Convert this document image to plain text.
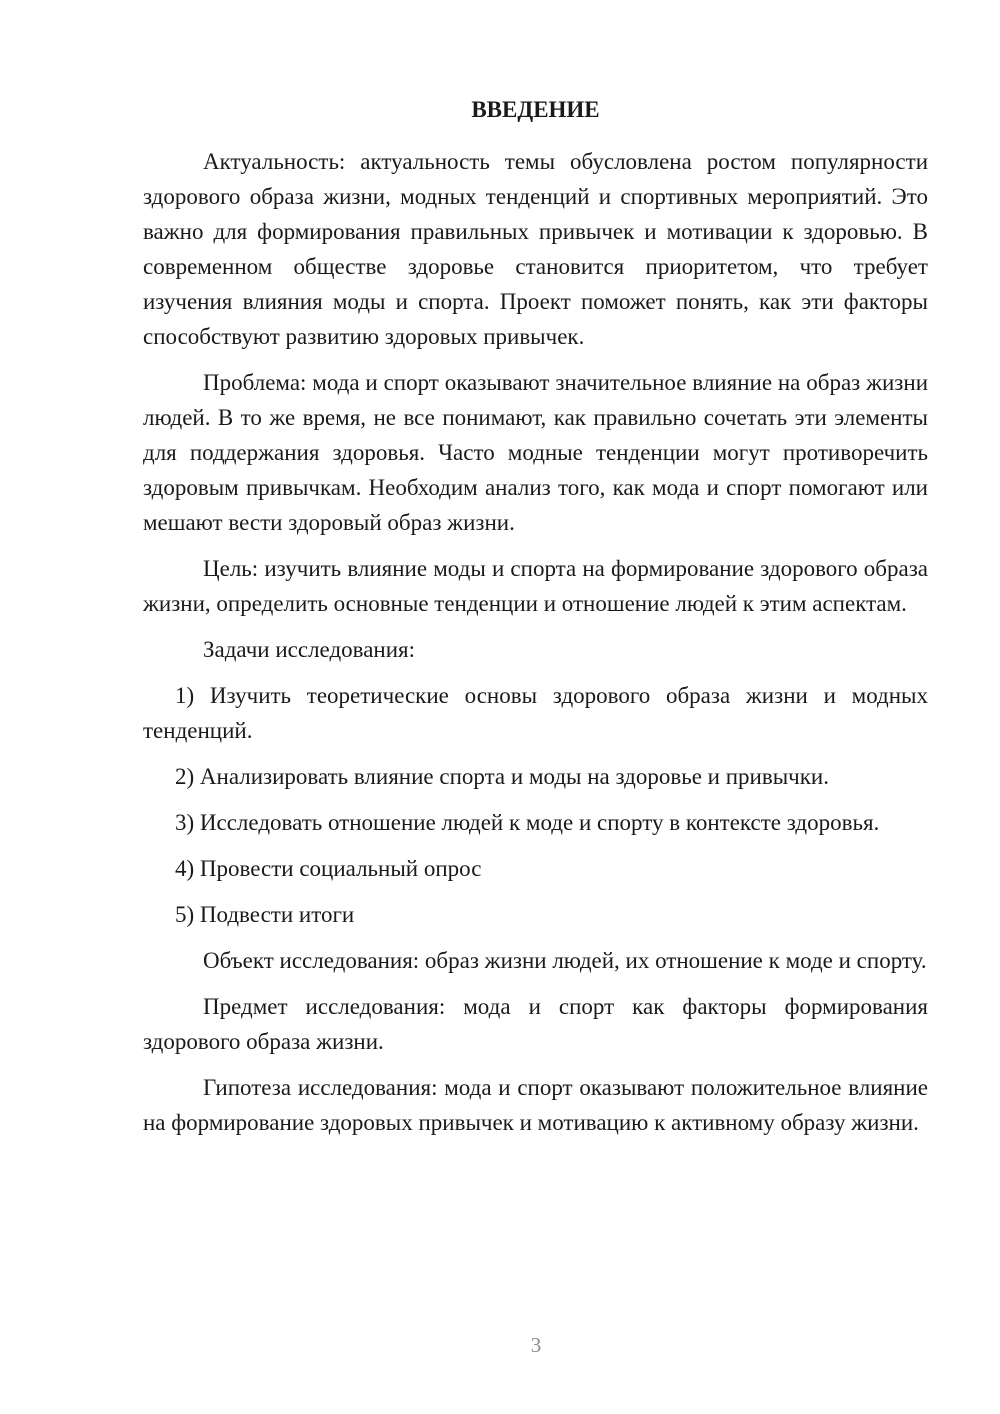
ВВЕДЕНИЕ

Актуальность: актуальность темы обусловлена ростом популярности здорового образа жизни, модных тенденций и спортивных мероприятий. Это важно для формирования правильных привычек и мотивации к здоровью. В современном обществе здоровье становится приоритетом, что требует изучения влияния моды и спорта. Проект поможет понять, как эти факторы способствуют развитию здоровых привычек.

Проблема: мода и спорт оказывают значительное влияние на образ жизни людей. В то же время, не все понимают, как правильно сочетать эти элементы для поддержания здоровья. Часто модные тенденции могут противоречить здоровым привычкам. Необходим анализ того, как мода и спорт помогают или мешают вести здоровый образ жизни.

Цель: изучить влияние моды и спорта на формирование здорового образа жизни, определить основные тенденции и отношение людей к этим аспектам.

Задачи исследования:

1) Изучить теоретические основы здорового образа жизни и модных тенденций.

2) Анализировать влияние спорта и моды на здоровье и привычки.

3) Исследовать отношение людей к моде и спорту в контексте здоровья.

4) Провести социальный опрос

5) Подвести итоги

Объект исследования: образ жизни людей, их отношение к моде и спорту.

Предмет исследования: мода и спорт как факторы формирования здорового образа жизни.

Гипотеза исследования: мода и спорт оказывают положительное влияние на формирование здоровых привычек и мотивацию к активному образу жизни.

3
